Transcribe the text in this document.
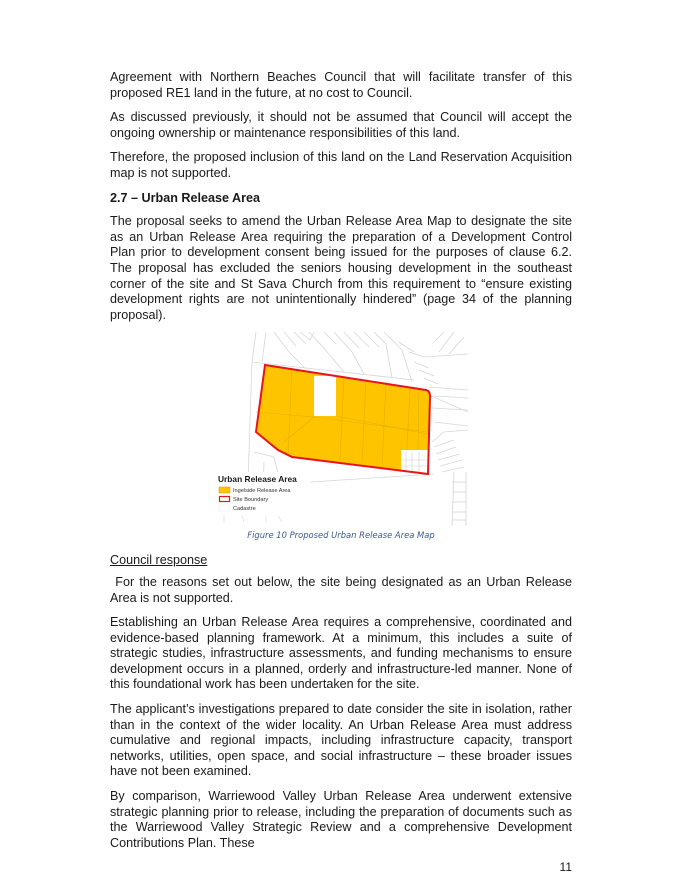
Agreement with Northern Beaches Council that will facilitate transfer of this proposed RE1 land in the future, at no cost to Council.

As discussed previously, it should not be assumed that Council will accept the ongoing ownership or maintenance responsibilities of this land.

Therefore, the proposed inclusion of this land on the Land Reservation Acquisition map is not supported.

2.7 – Urban Release Area

The proposal seeks to amend the Urban Release Area Map to designate the site as an Urban Release Area requiring the preparation of a Development Control Plan prior to development consent being issued for the purposes of clause 6.2. The proposal has excluded the seniors housing development in the southeast corner of the site and St Sava Church from this requirement to “ensure existing development rights are not unintentionally hindered” (page 34 of the planning proposal).

Urban Release Area
Ingelside Release Area
Site Boundary
Cadastre
Figure 10 Proposed Urban Release Area Map
Council response

For the reasons set out below, the site being designated as an Urban Release Area is not supported.

Establishing an Urban Release Area requires a comprehensive, coordinated and evidence-based planning framework. At a minimum, this includes a suite of strategic studies, infrastructure assessments, and funding mechanisms to ensure development occurs in a planned, orderly and infrastructure-led manner. None of this foundational work has been undertaken for the site.

The applicant’s investigations prepared to date consider the site in isolation, rather than in the context of the wider locality. An Urban Release Area must address cumulative and regional impacts, including infrastructure capacity, transport networks, utilities, open space, and social infrastructure – these broader issues have not been examined.

By comparison, Warriewood Valley Urban Release Area underwent extensive strategic planning prior to release, including the preparation of documents such as the Warriewood Valley Strategic Review and a comprehensive Development Contributions Plan. These

11
